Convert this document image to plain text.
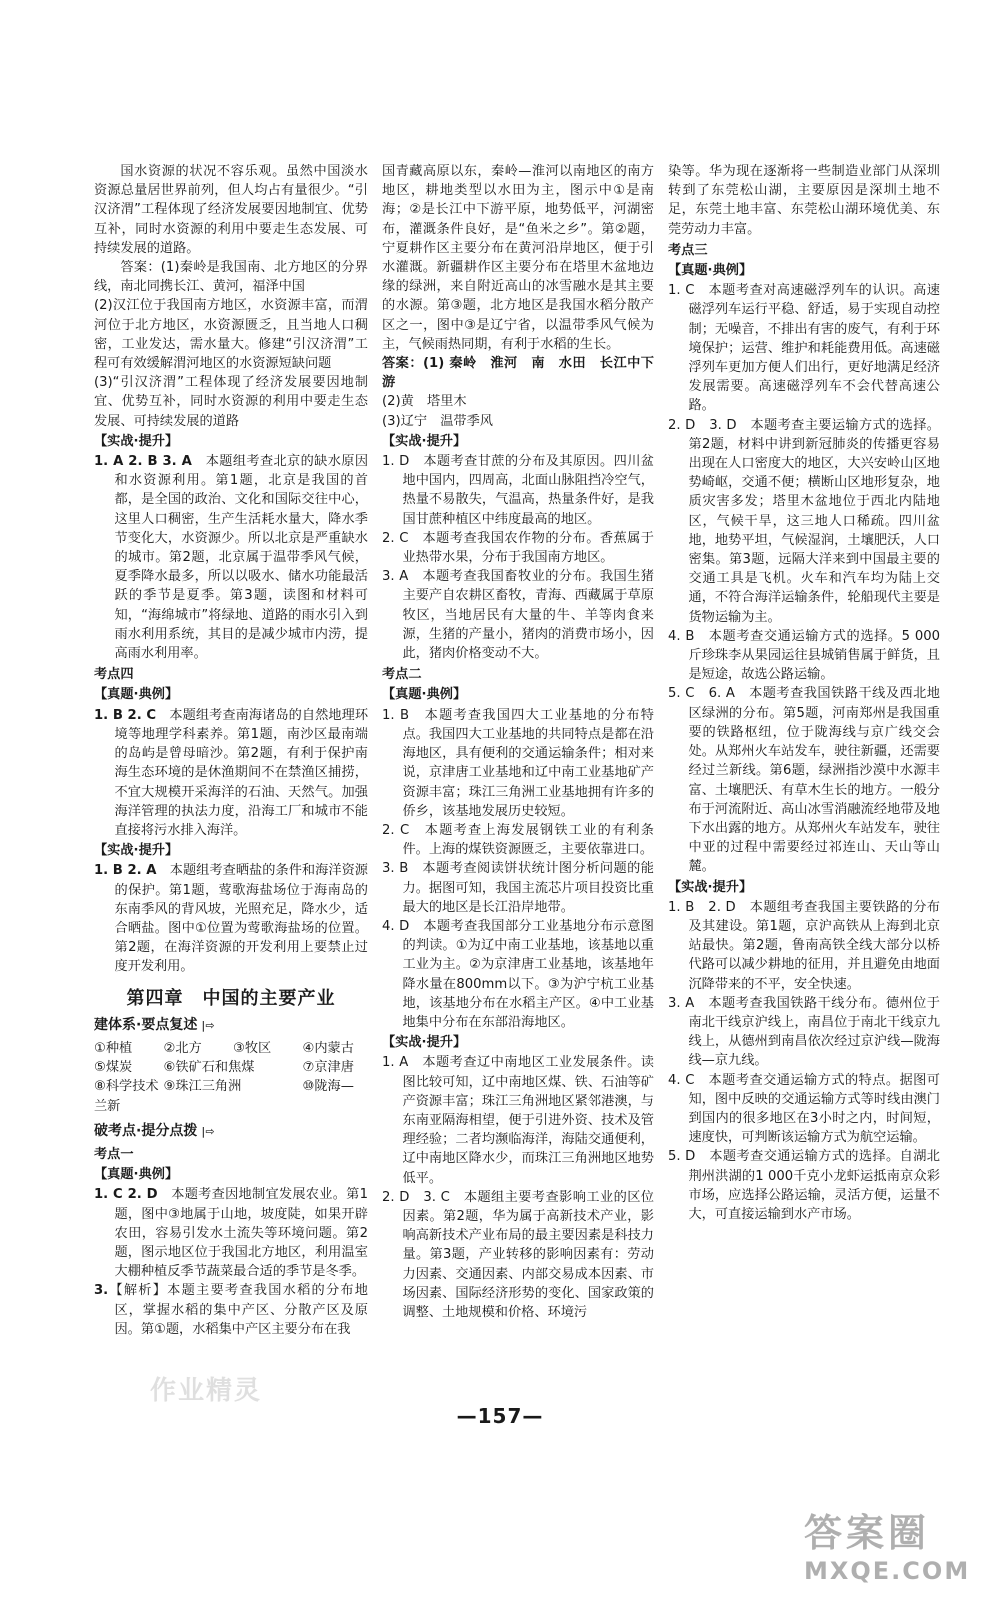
国水资源的状况不容乐观。虽然中国淡水资源总量居世界前列，但人均占有量很少。“引汉济渭”工程体现了经济发展要因地制宜、优势互补，同时水资源的利用中要走生态发展、可持续发展的道路。

答案：(1)秦岭是我国南、北方地区的分界线，南北同携长江、黄河，福泽中国

(2)汉江位于我国南方地区，水资源丰富，而渭河位于北方地区，水资源匮乏，且当地人口稠密，工业发达，需水量大。修建“引汉济渭”工程可有效缓解渭河地区的水资源短缺问题

(3)“引汉济渭”工程体现了经济发展要因地制宜、优势互补，同时水资源的利用中要走生态发展、可持续发展的道路

【实战·提升】

1. A 2. B 3. A　 本题组考查北京的缺水原因和水资源利用。第1题，北京是我国的首都，是全国的政治、文化和国际交往中心，这里人口稠密，生产生活耗水量大，降水季节变化大，水资源少。所以北京是严重缺水的城市。第2题，北京属于温带季风气候，夏季降水最多，所以以吸水、储水功能最活跃的季节是夏季。第3题，读图和材料可知，“海绵城市”将绿地、道路的雨水引入到雨水利用系统，其目的是减少城市内涝，提高雨水利用率。

考点四
【真题·典例】

1. B 2. C　 本题组考查南海诸岛的自然地理环境等地理学科素养。第1题，南沙区最南端的岛屿是曾母暗沙。第2题，有利于保护南海生态环境的是休渔期间不在禁渔区捕捞，不宜大规模开采海洋的石油、天然气。加强海洋管理的执法力度，沿海工厂和城市不能直接将污水排入海洋。

【实战·提升】

1. B 2. A　 本题组考查晒盐的条件和海洋资源的保护。第1题，莺歌海盐场位于海南岛的东南季风的背风坡，光照充足，降水少，适合晒盐。图中①位置为莺歌海盐场的位置。第2题，在海洋资源的开发利用上要禁止过度开发利用。

第四章　中国的主要产业
建体系·要点复述 |⇨
①种植	②北方	③牧区	④内蒙古
⑤煤炭	⑥铁矿石和焦煤	⑦京津唐
⑧科学技术 ⑨珠江三角洲	⑩陇海—
兰新
破考点·提分点拨 |⇨
考点一
【真题·典例】

1. C 2. D　 本题考查因地制宜发展农业。第1题，图中③地属于山地，坡度陡，如果开辟农田，容易引发水土流失等环境问题。第2题，图示地区位于我国北方地区，利用温室大棚种植反季节蔬菜最合适的季节是冬季。

3.【解析】本题主要考查我国水稻的分布地区，掌握水稻的集中产区、分散产区及原因。第①题，水稻集中产区主要分布在我

国青藏高原以东，秦岭—淮河以南地区的南方地区，耕地类型以水田为主，图示中①是南海；②是长江中下游平原，地势低平，河湖密布，灌溉条件良好，是“鱼米之乡”。第②题，宁夏耕作区主要分布在黄河沿岸地区，便于引水灌溉。新疆耕作区主要分布在塔里木盆地边缘的绿洲，来自附近高山的冰雪融水是其主要的水源。第③题，北方地区是我国水稻分散产区之一，图中③是辽宁省，以温带季风气候为主，气候雨热同期，有利于水稻的生长。

答案：(1) 秦岭　淮河　南　水田　长江中下游

(2)黄　塔里木

(3)辽宁　温带季风

【实战·提升】

1. D　本题考查甘蔗的分布及其原因。四川盆地中国内，四周高，北面山脉阻挡冷空气，热量不易散失，气温高，热量条件好，是我国甘蔗种植区中纬度最高的地区。

2. C　本题考查我国农作物的分布。香蕉属于业热带水果，分布于我国南方地区。

3. A　本题考查我国畜牧业的分布。我国生猪主要产自农耕区畜牧，青海、西藏属于草原牧区，当地居民有大量的牛、羊等肉食来源，生猪的产量小，猪肉的消费市场小，因此，猪肉价格变动不大。

考点二
【真题·典例】

1. B　本题考查我国四大工业基地的分布特点。我国四大工业基地的共同特点是都在沿海地区，具有便利的交通运输条件；相对来说，京津唐工业基地和辽中南工业基地矿产资源丰富；珠江三角洲工业基地拥有许多的侨乡，该基地发展历史较短。

2. C　本题考查上海发展钢铁工业的有利条件。上海的煤铁资源匮乏，主要依靠进口。

3. B　本题考查阅读饼状统计图分析问题的能力。据图可知，我国主流芯片项目投资比重最大的地区是长江沿岸地带。

4. D　本题考查我国部分工业基地分布示意图的判读。①为辽中南工业基地，该基地以重工业为主。②为京津唐工业基地，该基地年降水量在800mm以下。③为沪宁杭工业基地，该基地分布在水稻主产区。④中工业基地集中分布在东部沿海地区。

【实战·提升】

1. A　本题考查辽中南地区工业发展条件。读图比较可知，辽中南地区煤、铁、石油等矿产资源丰富；珠江三角洲地区紧邻港澳，与东南亚隔海相望，便于引进外资、技术及管理经验；二者均濒临海洋，海陆交通便利，辽中南地区降水少，而珠江三角洲地区地势低平。

2. D　3. C　本题组主要考查影响工业的区位因素。第2题，华为属于高新技术产业，影响高新技术产业布局的最主要因素是科技力量。第3题，产业转移的影响因素有：劳动力因素、交通因素、内部交易成本因素、市场因素、国际经济形势的变化、国家政策的调整、土地规模和价格、环境污

染等。华为现在逐渐将一些制造业部门从深圳转到了东莞松山湖，主要原因是深圳土地不足，东莞土地丰富、东莞松山湖环境优美、东莞劳动力丰富。

考点三
【真题·典例】

1. C　本题考查对高速磁浮列车的认识。高速磁浮列车运行平稳、舒适，易于实现自动控制；无噪音，不排出有害的废气，有利于环境保护；运营、维护和耗能费用低。高速磁浮列车更加方便人们出行，更好地满足经济发展需要。高速磁浮列车不会代替高速公路。

2. D　3. D　本题考查主要运输方式的选择。第2题，材料中讲到新冠肺炎的传播更容易出现在人口密度大的地区，大兴安岭山区地势崎岖，交通不便；横断山区地形复杂，地质灾害多发；塔里木盆地位于西北内陆地区，气候干旱，这三地人口稀疏。四川盆地，地势平坦，气候湿润，土壤肥沃，人口密集。第3题，远隔大洋来到中国最主要的交通工具是飞机。火车和汽车均为陆上交通，不符合海洋运输条件，轮船现代主要是货物运输为主。

4. B　本题考查交通运输方式的选择。5 000斤珍珠李从果园运往县城销售属于鲜货，且是短途，故选公路运输。

5. C　6. A　本题考查我国铁路干线及西北地区绿洲的分布。第5题，河南郑州是我国重要的铁路枢纽，位于陇海线与京广线交会处。从郑州火车站发车，驶往新疆，还需要经过兰新线。第6题，绿洲指沙漠中水源丰富、土壤肥沃、有草木生长的地方。一般分布于河流附近、高山冰雪消融流经地带及地下水出露的地方。从郑州火车站发车，驶往中亚的过程中需要经过祁连山、天山等山麓。

【实战·提升】

1. B　2. D　本题组考查我国主要铁路的分布及其建设。第1题，京沪高铁从上海到北京站最快。第2题，鲁南高铁全线大部分以桥代路可以减少耕地的征用，并且避免由地面沉降带来的不平，安全快速。

3. A　本题考查我国铁路干线分布。德州位于南北干线京沪线上，南昌位于南北干线京九线上，从德州到南昌依次经过京沪线—陇海线—京九线。

4. C　本题考查交通运输方式的特点。据图可知，图中反映的交通运输方式等时线由澳门到国内的很多地区在3小时之内，时间短，速度快，可判断该运输方式为航空运输。

5. D　本题考查交通运输方式的选择。自湖北荆州洪湖的1 000千克小龙虾运抵南京众彩市场，应选择公路运输，灵活方便，运量不大，可直接运输到水产市场。

—157—
作业精灵
答案圈
MXQE.COM
